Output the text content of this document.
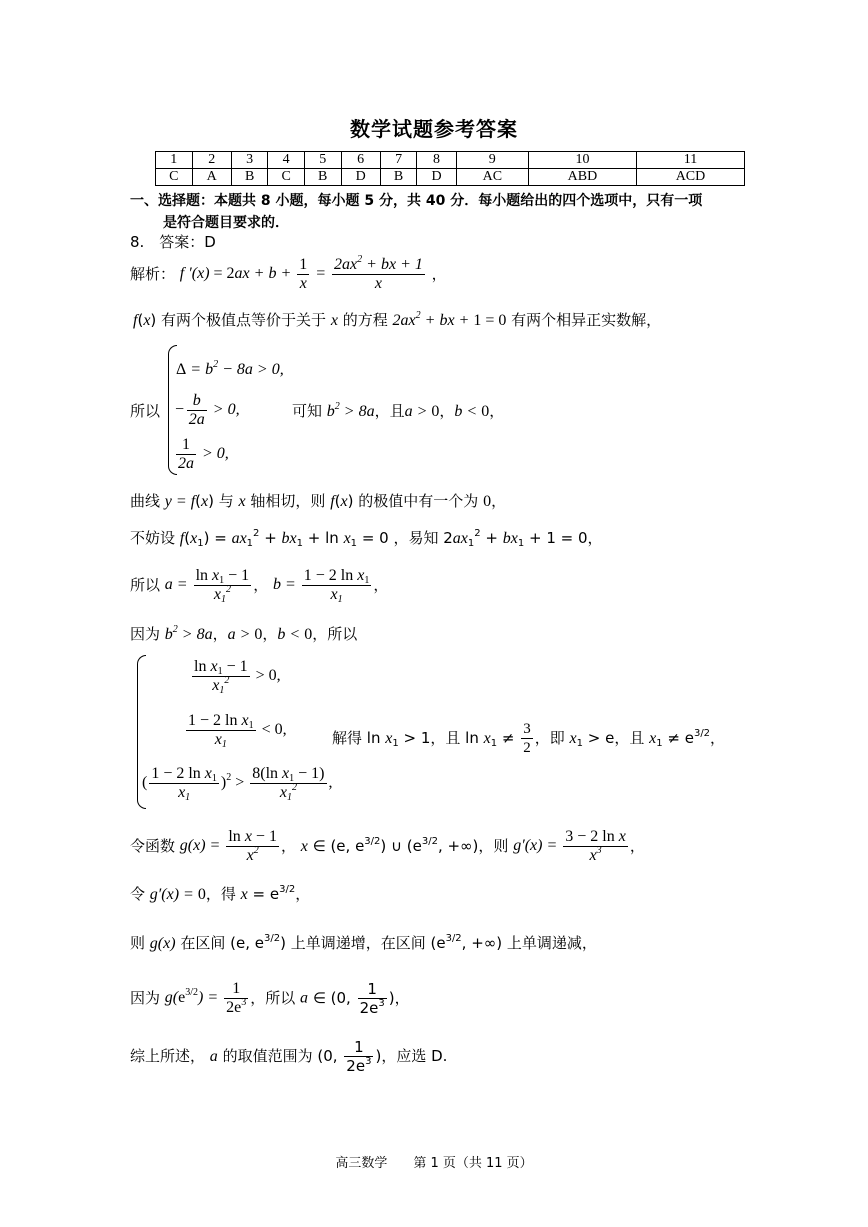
数学试题参考答案
1	2	3	4	5	6	7	8	9	10	11
C	A	B	C	B	D	B	D	AC	ABD	ACD
一、选择题：本题共 8 小题，每小题 5 分，共 40 分．每小题给出的四个选项中，只有一项
是符合题目要求的．
8.　答案：D
解析： f $'(x) = 2ax + b + \frac{1}{x} = \frac{2ax^2 + bx + 1}{x}$ ，
f(x) 有两个极值点等价于关于 x 的方程 $2ax^2$ + bx + 1 = 0 有两个相异正实数解，
所以
$\Delta = b^2 - 8a > 0$,
− $\frac{b}{2a} > 0$,
$\frac{1}{2a} > 0$,
可知 $b^2 > 8a$，且a > 0，b < 0，
曲线 y = f(x) 与 x 轴相切，则 f(x) 的极值中有一个为 0，
不妨设 $f(x_1) = ax_1^2 + bx_1 + \ln x_1 = 0$ ，易知 $2ax_1^2 + bx_1 + 1 = 0$，
所以 $a = \frac{\ln x_1 - 1}{x_1^2}$ ， $b = \frac{1 - 2 \ln x_1}{x_1}$ ，
因为 $b^2 > 8a$，a > 0，b < 0，所以
$\frac{\ln x_1 - 1}{x_1^2} > 0$,
$\frac{1 - 2 \ln x_1}{x_1} < 0$,
( $\frac{1 - 2 \ln x_1}{x_1} )^2 > \frac{8(\ln x_1 - 1)}{x_1^2}$ ,
解得 $\ln x_1 > 1$，且 $\ln x_1 \ne \frac{3}{2}$ ，即 $x_1 > e$，且 $x_1 \ne e^{3/2}$，
令函数 $g(x) = \frac{\text{ln x − 1}}{x^2}$ ， x ∈ (e, $e^{3/2}$) ∪ ($e^{3/2}$, +∞)，则 $g'(x) = \frac{\text{3 − 2 ln x}}{x^3}$ ，
令 g′(x) = 0，得 $x = e^{3/2}$，
则 g(x) 在区间 (e, $e^{3/2}$) 上单调递增，在区间 ($e^{3/2}$, +∞) 上单调递减，
因为 $g(e^{3/2}) = \frac{1}{2e^3}$ ，所以 a ∈ (0, $\frac{1}{2e^3}$ )，
综上所述， a 的取值范围为 (0, $\frac{1}{2e^3}$ )，应选 D.
高三数学　　第 1 页（共 11 页）
